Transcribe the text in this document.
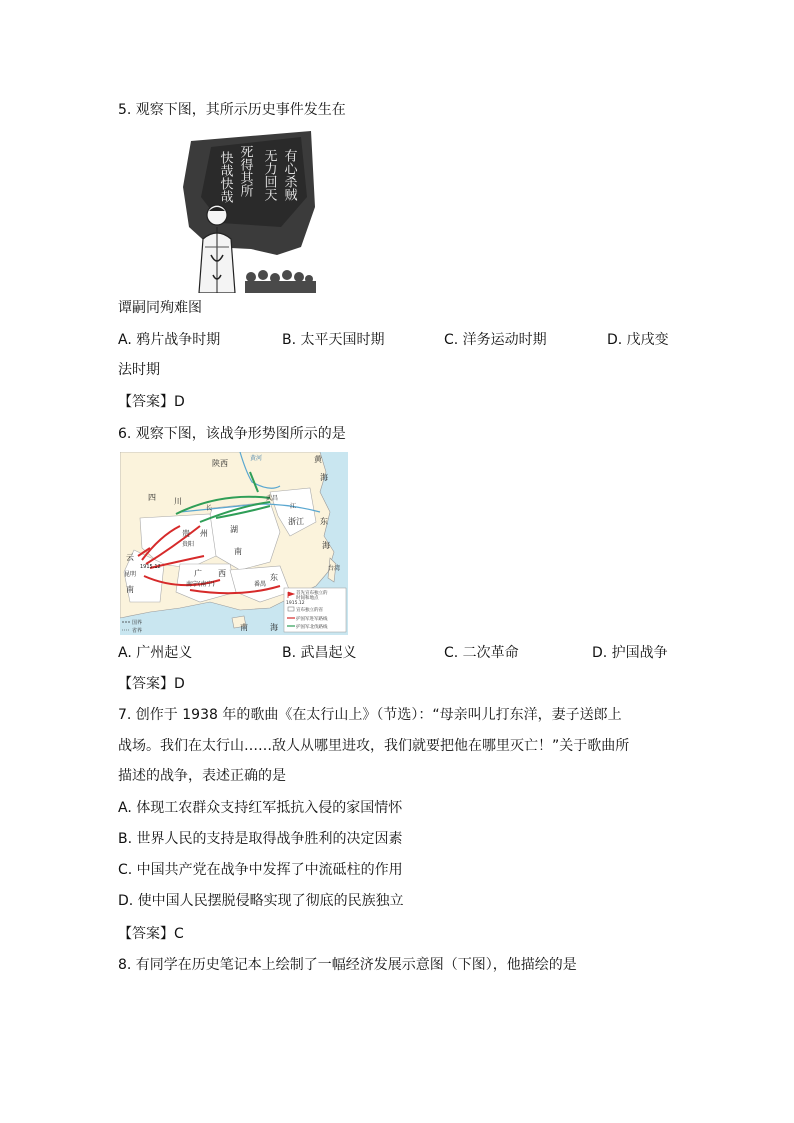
5. 观察下图，其所示历史事件发生在
有心杀贼
无力回天
死得其所
快哉快哉
谭嗣同殉难图
A. 鸦片战争时期	B. 太平天国时期	C. 洋务运动时期	D. 戊戌变
法时期
【答案】D
6. 观察下图，该战争形势图所示的是
陕西
黄河	黄
海
四 川
长
武昌
江
湖
南
浙江 东
海
贵 州
贵阳
云
1915.12
昆明
南
广 西
南宁(南宁)	番禺
东
台湾
南	海
国界
省界
首先宣布独立的
时间和地点
1915.12
宣布独立的省
护国军进军路线
护国军北伐路线
A. 广州起义	B. 武昌起义	C. 二次革命	D. 护国战争
【答案】D
7. 创作于 1938 年的歌曲《在太行山上》（节选）：“母亲叫儿打东洋，妻子送郎上
战场。我们在太行山……敌人从哪里进攻，我们就要把他在哪里灭亡！”关于歌曲所
描述的战争，表述正确的是
A. 体现工农群众支持红军抵抗入侵的家国情怀
B. 世界人民的支持是取得战争胜利的决定因素
C. 中国共产党在战争中发挥了中流砥柱的作用
D. 使中国人民摆脱侵略实现了彻底的民族独立
【答案】C
8. 有同学在历史笔记本上绘制了一幅经济发展示意图（下图），他描绘的是
